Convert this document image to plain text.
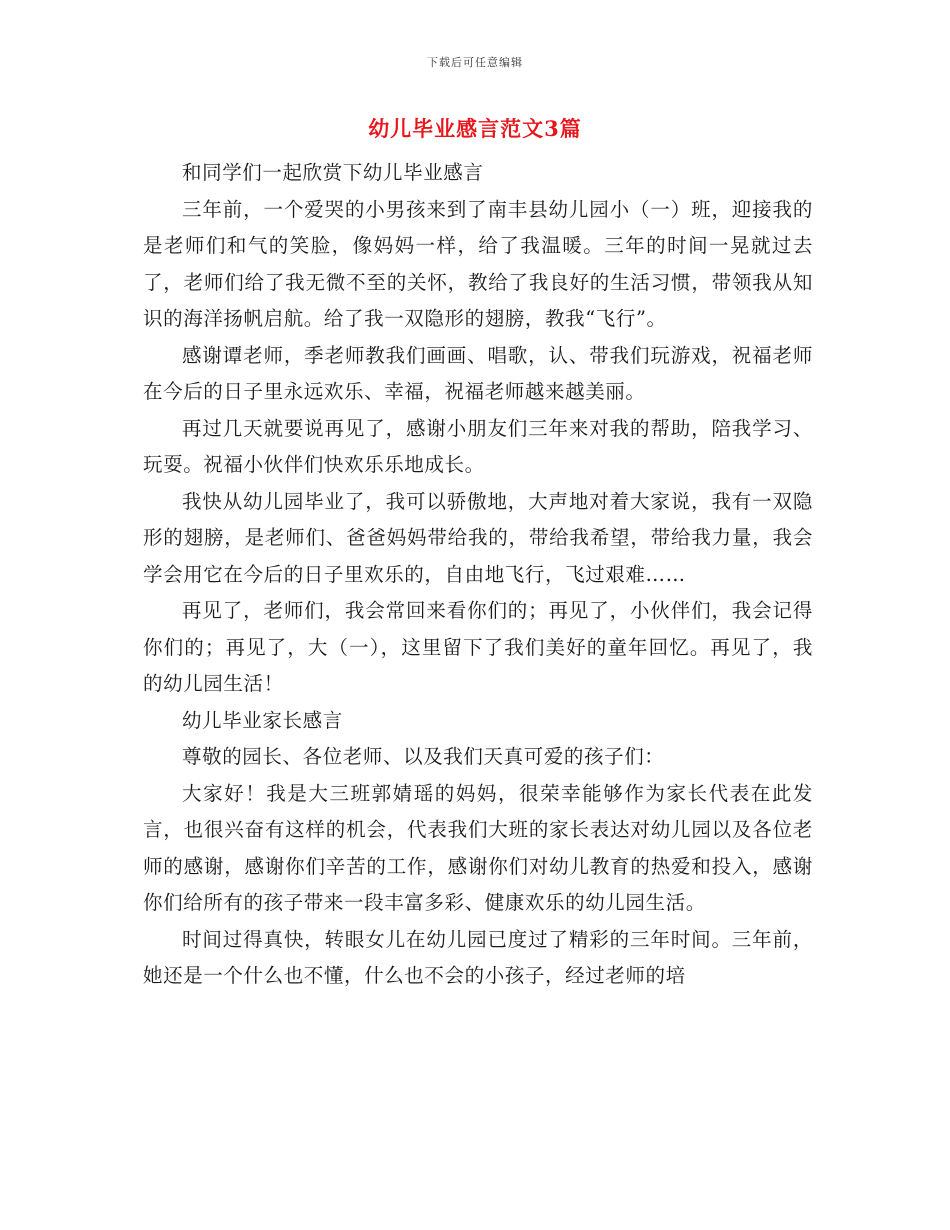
下载后可任意编辑
幼儿毕业感言范文3篇

和同学们一起欣赏下幼儿毕业感言

三年前，一个爱哭的小男孩来到了南丰县幼儿园小（一）班，迎接我的是老师们和气的笑脸，像妈妈一样，给了我温暖。三年的时间一晃就过去了，老师们给了我无微不至的关怀，教给了我良好的生活习惯，带领我从知识的海洋扬帆启航。给了我一双隐形的翅膀，教我“飞行”。

感谢谭老师，季老师教我们画画、唱歌，认、带我们玩游戏，祝福老师在今后的日子里永远欢乐、幸福，祝福老师越来越美丽。

再过几天就要说再见了，感谢小朋友们三年来对我的帮助，陪我学习、玩耍。祝福小伙伴们快欢乐乐地成长。

我快从幼儿园毕业了，我可以骄傲地，大声地对着大家说，我有一双隐形的翅膀，是老师们、爸爸妈妈带给我的，带给我希望，带给我力量，我会学会用它在今后的日子里欢乐的，自由地飞行，飞过艰难……

再见了，老师们，我会常回来看你们的；再见了，小伙伴们，我会记得你们的；再见了，大（一），这里留下了我们美好的童年回忆。再见了，我的幼儿园生活！

幼儿毕业家长感言

尊敬的园长、各位老师、以及我们天真可爱的孩子们：

大家好！我是大三班郭婧瑶的妈妈，很荣幸能够作为家长代表在此发言，也很兴奋有这样的机会，代表我们大班的家长表达对幼儿园以及各位老师的感谢，感谢你们辛苦的工作，感谢你们对幼儿教育的热爱和投入，感谢你们给所有的孩子带来一段丰富多彩、健康欢乐的幼儿园生活。

时间过得真快，转眼女儿在幼儿园已度过了精彩的三年时间。三年前，她还是一个什么也不懂，什么也不会的小孩子，经过老师的培
